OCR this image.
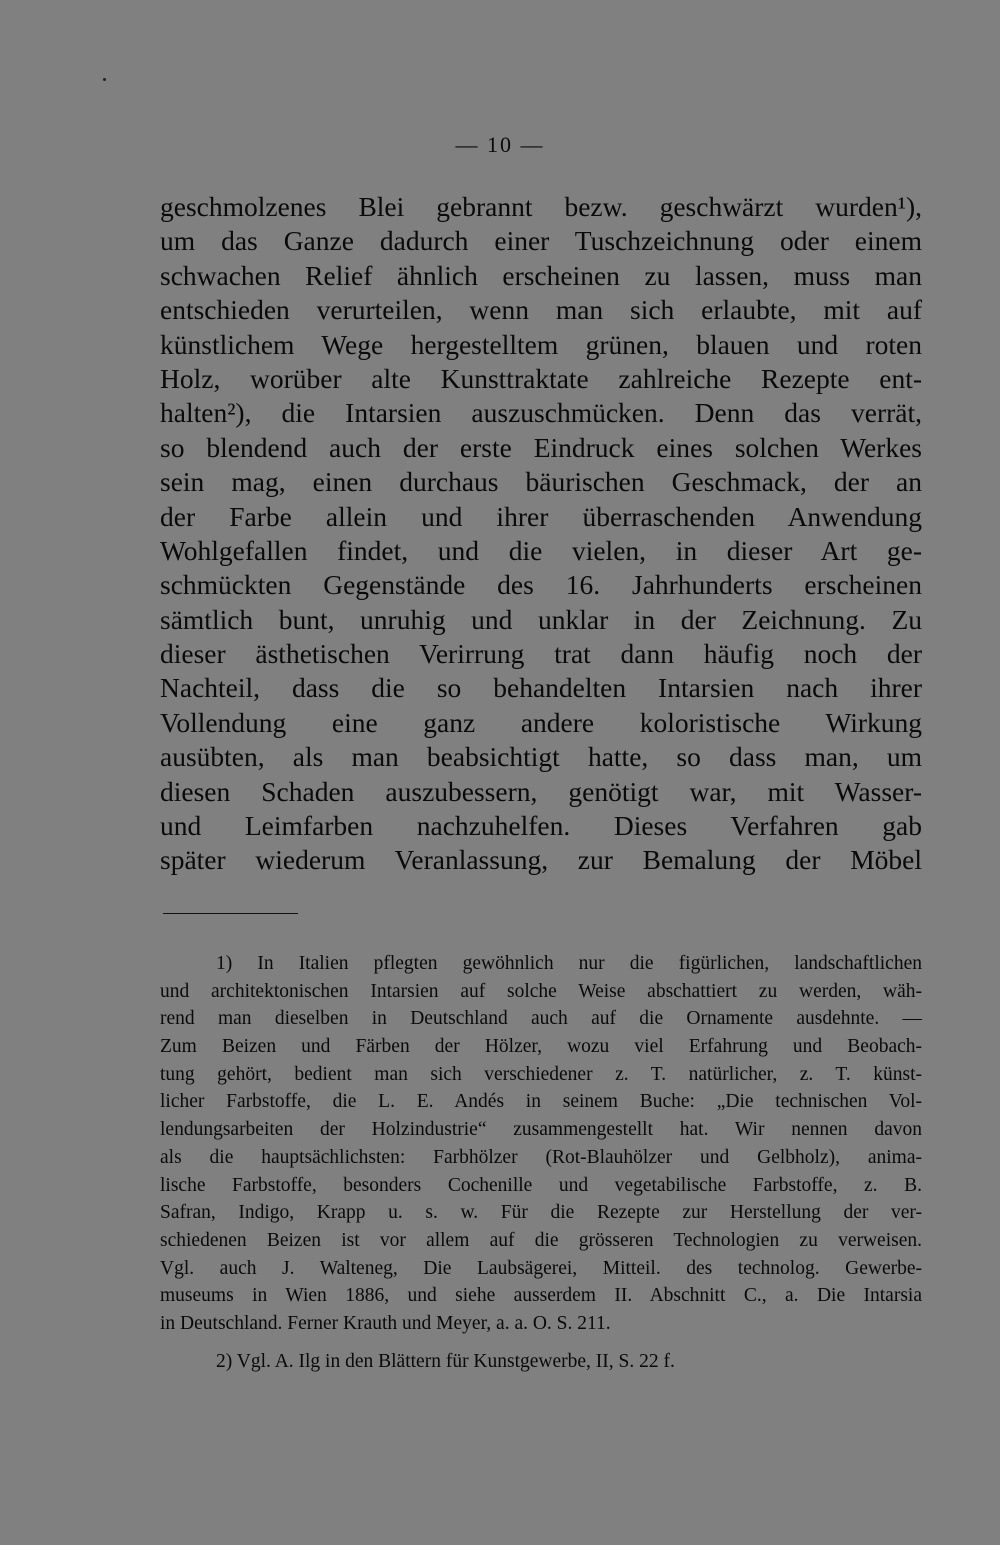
— 10 —
geschmolzenes Blei gebrannt bezw. geschwärzt wurden¹),
um das Ganze dadurch einer Tuschzeichnung oder einem
schwachen Relief ähnlich erscheinen zu lassen, muss man
entschieden verurteilen, wenn man sich erlaubte, mit auf
künstlichem Wege hergestelltem grünen, blauen und roten
Holz, worüber alte Kunsttraktate zahlreiche Rezepte ent-
halten²), die Intarsien auszuschmücken. Denn das verrät,
so blendend auch der erste Eindruck eines solchen Werkes
sein mag, einen durchaus bäurischen Geschmack, der an
der Farbe allein und ihrer überraschenden Anwendung
Wohlgefallen findet, und die vielen, in dieser Art ge-
schmückten Gegenstände des 16. Jahrhunderts erscheinen
sämtlich bunt, unruhig und unklar in der Zeichnung. Zu
dieser ästhetischen Verirrung trat dann häufig noch der
Nachteil, dass die so behandelten Intarsien nach ihrer
Vollendung eine ganz andere koloristische Wirkung
ausübten, als man beabsichtigt hatte, so dass man, um
diesen Schaden auszubessern, genötigt war, mit Wasser-
und Leimfarben nachzuhelfen. Dieses Verfahren gab
später wiederum Veranlassung, zur Bemalung der Möbel
1) In Italien pflegten gewöhnlich nur die figürlichen, landschaftlichen
und architektonischen Intarsien auf solche Weise abschattiert zu werden, wäh-
rend man dieselben in Deutschland auch auf die Ornamente ausdehnte. —
Zum Beizen und Färben der Hölzer, wozu viel Erfahrung und Beobach-
tung gehört, bedient man sich verschiedener z. T. natürlicher, z. T. künst-
licher Farbstoffe, die L. E. Andés in seinem Buche: „Die technischen Vol-
lendungsarbeiten der Holzindustrie“ zusammengestellt hat. Wir nennen davon
als die hauptsächlichsten: Farbhölzer (Rot-Blauhölzer und Gelbholz), anima-
lische Farbstoffe, besonders Cochenille und vegetabilische Farbstoffe, z. B.
Safran, Indigo, Krapp u. s. w. Für die Rezepte zur Herstellung der ver-
schiedenen Beizen ist vor allem auf die grösseren Technologien zu verweisen.
Vgl. auch J. Walteneg, Die Laubsägerei, Mitteil. des technolog. Gewerbe-
museums in Wien 1886, und siehe ausserdem II. Abschnitt C., a. Die Intarsia
in Deutschland. Ferner Krauth und Meyer, a. a. O. S. 211.
2) Vgl. A. Ilg in den Blättern für Kunstgewerbe, II, S. 22 f.
